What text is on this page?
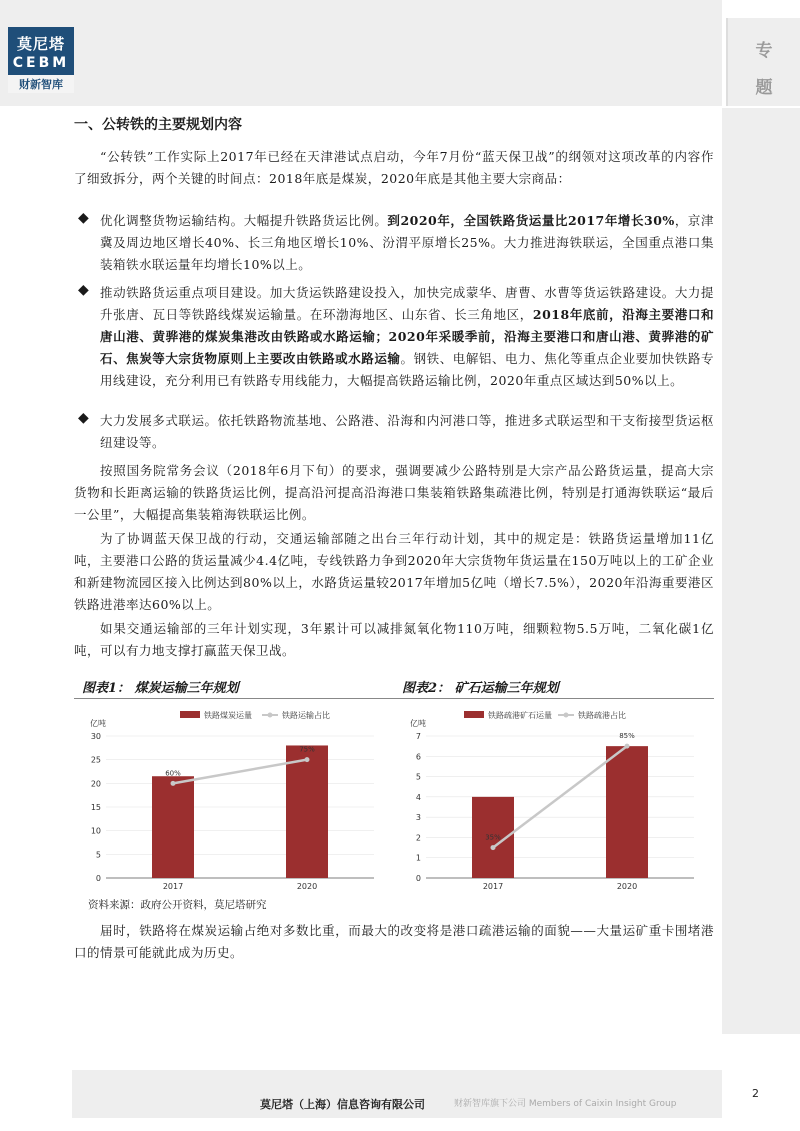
莫尼塔
CEBM
财新智库
专
题
一、公转铁的主要规划内容
“公转铁”工作实际上2017年已经在天津港试点启动，今年7月份“蓝天保卫战”的纲领对这项改革的内容作了细致拆分，两个关键的时间点：2018年底是煤炭，2020年底是其他主要大宗商品：
◆ 优化调整货物运输结构。大幅提升铁路货运比例。到2020年，全国铁路货运量比2017年增长30%，京津冀及周边地区增长40%、长三角地区增长10%、汾渭平原增长25%。大力推进海铁联运，全国重点港口集装箱铁水联运量年均增长10%以上。
◆ 推动铁路货运重点项目建设。加大货运铁路建设投入，加快完成蒙华、唐曹、水曹等货运铁路建设。大力提升张唐、瓦日等铁路线煤炭运输量。在环渤海地区、山东省、长三角地区，2018年底前，沿海主要港口和唐山港、黄骅港的煤炭集港改由铁路或水路运输；2020年采暖季前，沿海主要港口和唐山港、黄骅港的矿石、焦炭等大宗货物原则上主要改由铁路或水路运输。钢铁、电解铝、电力、焦化等重点企业要加快铁路专用线建设，充分利用已有铁路专用线能力，大幅提高铁路运输比例，2020年重点区域达到50%以上。
◆ 大力发展多式联运。依托铁路物流基地、公路港、沿海和内河港口等，推进多式联运型和干支衔接型货运枢纽建设等。
按照国务院常务会议（2018年6月下旬）的要求，强调要减少公路特别是大宗产品公路货运量，提高大宗货物和长距离运输的铁路货运比例，提高沿河提高沿海港口集装箱铁路集疏港比例，特别是打通海铁联运“最后一公里”，大幅提高集装箱海铁联运比例。
为了协调蓝天保卫战的行动，交通运输部随之出台三年行动计划，其中的规定是：铁路货运量增加11亿吨，主要港口公路的货运量减少4.4亿吨，专线铁路力争到2020年大宗货物年货运量在150万吨以上的工矿企业和新建物流园区接入比例达到80%以上，水路货运量较2017年增加5亿吨（增长7.5%），2020年沿海重要港区铁路进港率达60%以上。
如果交通运输部的三年计划实现，3年累计可以减排氮氧化物110万吨，细颗粒物5.5万吨，二氧化碳1亿吨，可以有力地支撑打赢蓝天保卫战。
图表1： 煤炭运输三年规划	图表2： 矿石运输三年规划
铁路煤炭运量	铁路运输占比
亿吨
0
5
10
15
20
25
30
60%
75%
2017	2020
铁路疏港矿石运量	铁路疏港占比
亿吨
0
1
2
3
4
5
6
7
35%
85%
2017	2020
资料来源：政府公开资料，莫尼塔研究
届时，铁路将在煤炭运输占绝对多数比重，而最大的改变将是港口疏港运输的面貌——大量运矿重卡围堵港口的情景可能就此成为历史。
莫尼塔（上海）信息咨询有限公司	财新智库旗下公司 Members of Caixin Insight Group
2
